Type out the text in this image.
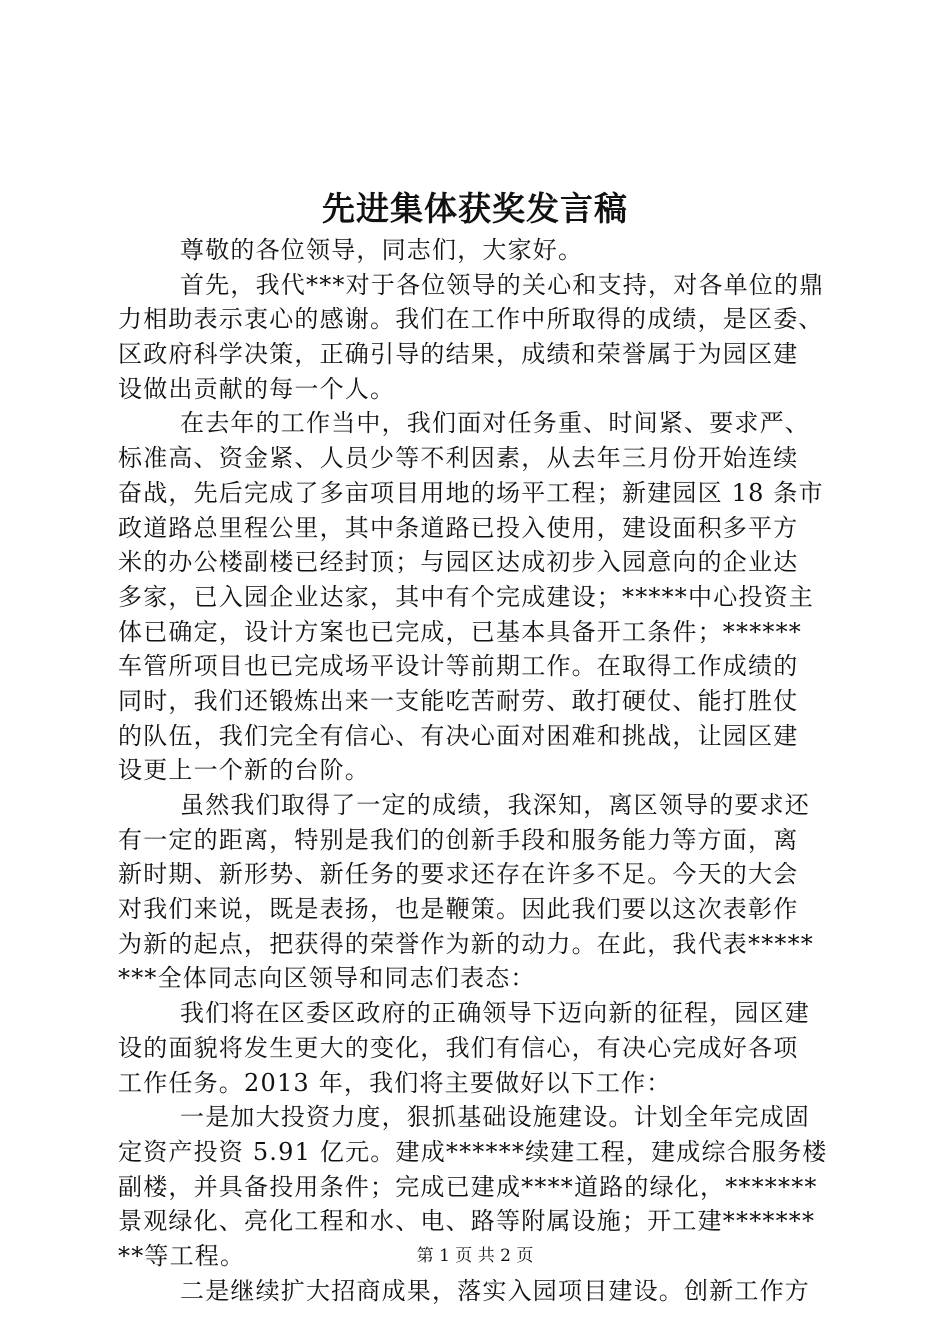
先进集体获奖发言稿
尊敬的各位领导，同志们，大家好。
首先，我代***对于各位领导的关心和支持，对各单位的鼎
力相助表示衷心的感谢。我们在工作中所取得的成绩，是区委、
区政府科学决策，正确引导的结果，成绩和荣誉属于为园区建
设做出贡献的每一个人。
在去年的工作当中，我们面对任务重、时间紧、要求严、
标准高、资金紧、人员少等不利因素，从去年三月份开始连续
奋战，先后完成了多亩项目用地的场平工程；新建园区 18 条市
政道路总里程公里，其中条道路已投入使用，建设面积多平方
米的办公楼副楼已经封顶；与园区达成初步入园意向的企业达
多家，已入园企业达家，其中有个完成建设；*****中心投资主
体已确定，设计方案也已完成，已基本具备开工条件；******
车管所项目也已完成场平设计等前期工作。在取得工作成绩的
同时，我们还锻炼出来一支能吃苦耐劳、敢打硬仗、能打胜仗
的队伍，我们完全有信心、有决心面对困难和挑战，让园区建
设更上一个新的台阶。
虽然我们取得了一定的成绩，我深知，离区领导的要求还
有一定的距离，特别是我们的创新手段和服务能力等方面，离
新时期、新形势、新任务的要求还存在许多不足。今天的大会
对我们来说，既是表扬，也是鞭策。因此我们要以这次表彰作
为新的起点，把获得的荣誉作为新的动力。在此，我代表*****
***全体同志向区领导和同志们表态：
我们将在区委区政府的正确领导下迈向新的征程，园区建
设的面貌将发生更大的变化，我们有信心，有决心完成好各项
工作任务。2013 年，我们将主要做好以下工作：
一是加大投资力度，狠抓基础设施建设。计划全年完成固
定资产投资 5.91 亿元。建成******续建工程，建成综合服务楼
副楼，并具备投用条件；完成已建成****道路的绿化，*******
景观绿化、亮化工程和水、电、路等附属设施；开工建*******
**等工程。
二是继续扩大招商成果，落实入园项目建设。创新工作方
第 1 页 共 2 页
